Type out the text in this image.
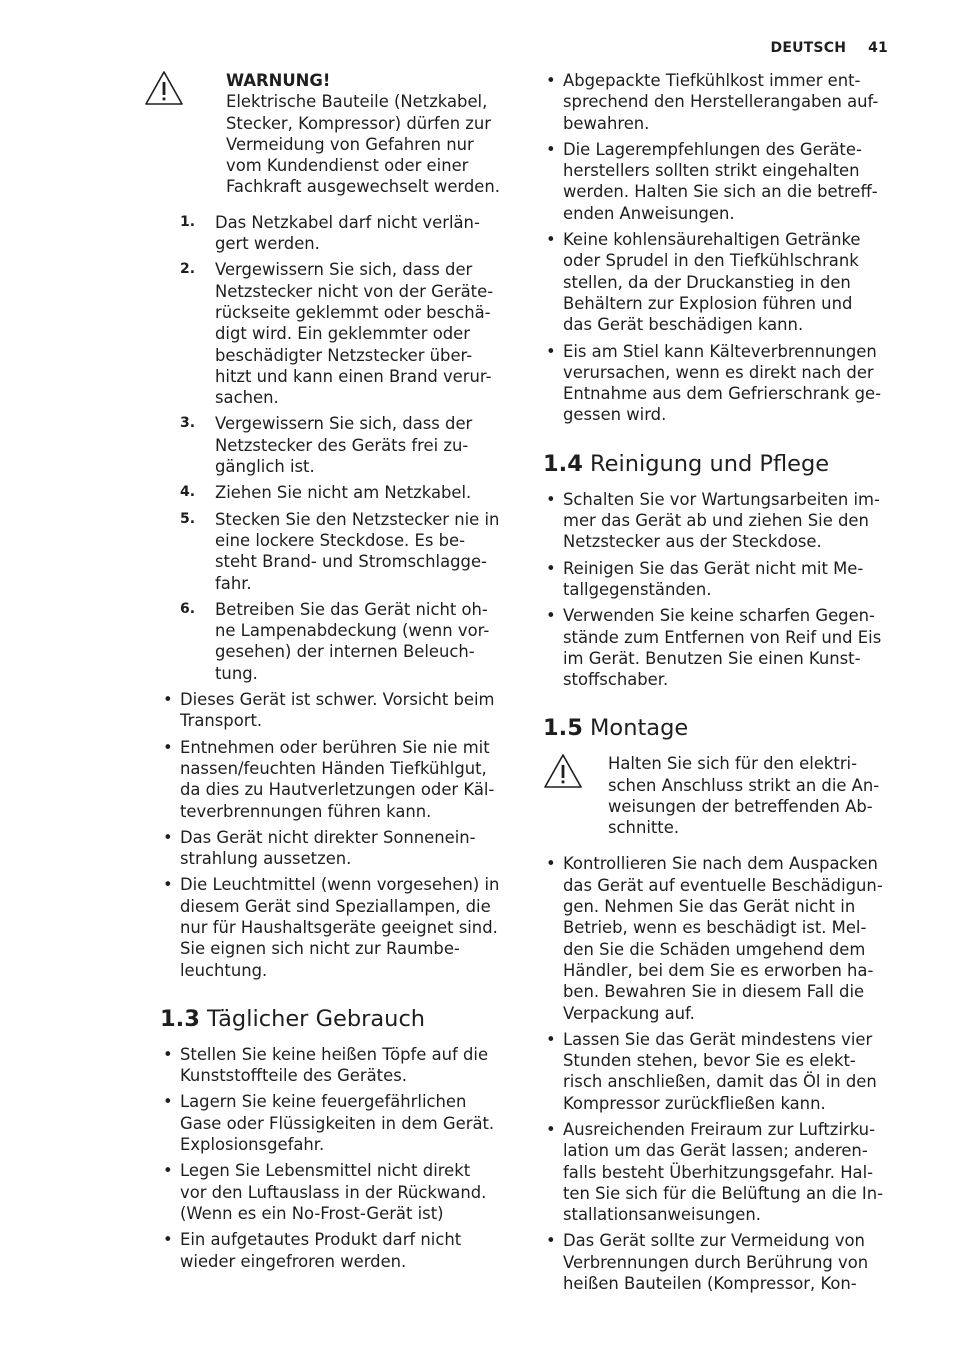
DEUTSCH 41
WARNUNG!
Elektrische Bauteile (Netzkabel,
Stecker, Kompressor) dürfen zur
Vermeidung von Gefahren nur
vom Kundendienst oder einer
Fachkraft ausgewechselt werden.
1. Das Netzkabel darf nicht verlän-
gert werden.
2. Vergewissern Sie sich, dass der
Netzstecker nicht von der Geräte-
rückseite geklemmt oder beschä-
digt wird. Ein geklemmter oder
beschädigter Netzstecker über-
hitzt und kann einen Brand verur-
sachen.
3. Vergewissern Sie sich, dass der
Netzstecker des Geräts frei zu-
gänglich ist.
4. Ziehen Sie nicht am Netzkabel.
5. Stecken Sie den Netzstecker nie in
eine lockere Steckdose. Es be-
steht Brand- und Stromschlagge-
fahr.
6. Betreiben Sie das Gerät nicht oh-
ne Lampenabdeckung (wenn vor-
gesehen) der internen Beleuch-
tung.
• Dieses Gerät ist schwer. Vorsicht beim
Transport.
• Entnehmen oder berühren Sie nie mit
nassen/feuchten Händen Tiefkühlgut,
da dies zu Hautverletzungen oder Käl-
teverbrennungen führen kann.
• Das Gerät nicht direkter Sonnenein-
strahlung aussetzen.
• Die Leuchtmittel (wenn vorgesehen) in
diesem Gerät sind Speziallampen, die
nur für Haushaltsgeräte geeignet sind.
Sie eignen sich nicht zur Raumbe-
leuchtung.
1.3 Täglicher Gebrauch
• Stellen Sie keine heißen Töpfe auf die
Kunststoffteile des Gerätes.
• Lagern Sie keine feuergefährlichen
Gase oder Flüssigkeiten in dem Gerät.
Explosionsgefahr.
• Legen Sie Lebensmittel nicht direkt
vor den Luftauslass in der Rückwand.
(Wenn es ein No-Frost-Gerät ist)
• Ein aufgetautes Produkt darf nicht
wieder eingefroren werden.
• Abgepackte Tiefkühlkost immer ent-
sprechend den Herstellerangaben auf-
bewahren.
• Die Lagerempfehlungen des Geräte-
herstellers sollten strikt eingehalten
werden. Halten Sie sich an die betreff-
enden Anweisungen.
• Keine kohlensäurehaltigen Getränke
oder Sprudel in den Tiefkühlschrank
stellen, da der Druckanstieg in den
Behältern zur Explosion führen und
das Gerät beschädigen kann.
• Eis am Stiel kann Kälteverbrennungen
verursachen, wenn es direkt nach der
Entnahme aus dem Gefrierschrank ge-
gessen wird.
1.4 Reinigung und Pflege
• Schalten Sie vor Wartungsarbeiten im-
mer das Gerät ab und ziehen Sie den
Netzstecker aus der Steckdose.
• Reinigen Sie das Gerät nicht mit Me-
tallgegenständen.
• Verwenden Sie keine scharfen Gegen-
stände zum Entfernen von Reif und Eis
im Gerät. Benutzen Sie einen Kunst-
stoffschaber.
1.5 Montage
Halten Sie sich für den elektri-
schen Anschluss strikt an die An-
weisungen der betreffenden Ab-
schnitte.
• Kontrollieren Sie nach dem Auspacken
das Gerät auf eventuelle Beschädigun-
gen. Nehmen Sie das Gerät nicht in
Betrieb, wenn es beschädigt ist. Mel-
den Sie die Schäden umgehend dem
Händler, bei dem Sie es erworben ha-
ben. Bewahren Sie in diesem Fall die
Verpackung auf.
• Lassen Sie das Gerät mindestens vier
Stunden stehen, bevor Sie es elekt-
risch anschließen, damit das Öl in den
Kompressor zurückfließen kann.
• Ausreichenden Freiraum zur Luftzirku-
lation um das Gerät lassen; anderen-
falls besteht Überhitzungsgefahr. Hal-
ten Sie sich für die Belüftung an die In-
stallationsanweisungen.
• Das Gerät sollte zur Vermeidung von
Verbrennungen durch Berührung von
heißen Bauteilen (Kompressor, Kon-
